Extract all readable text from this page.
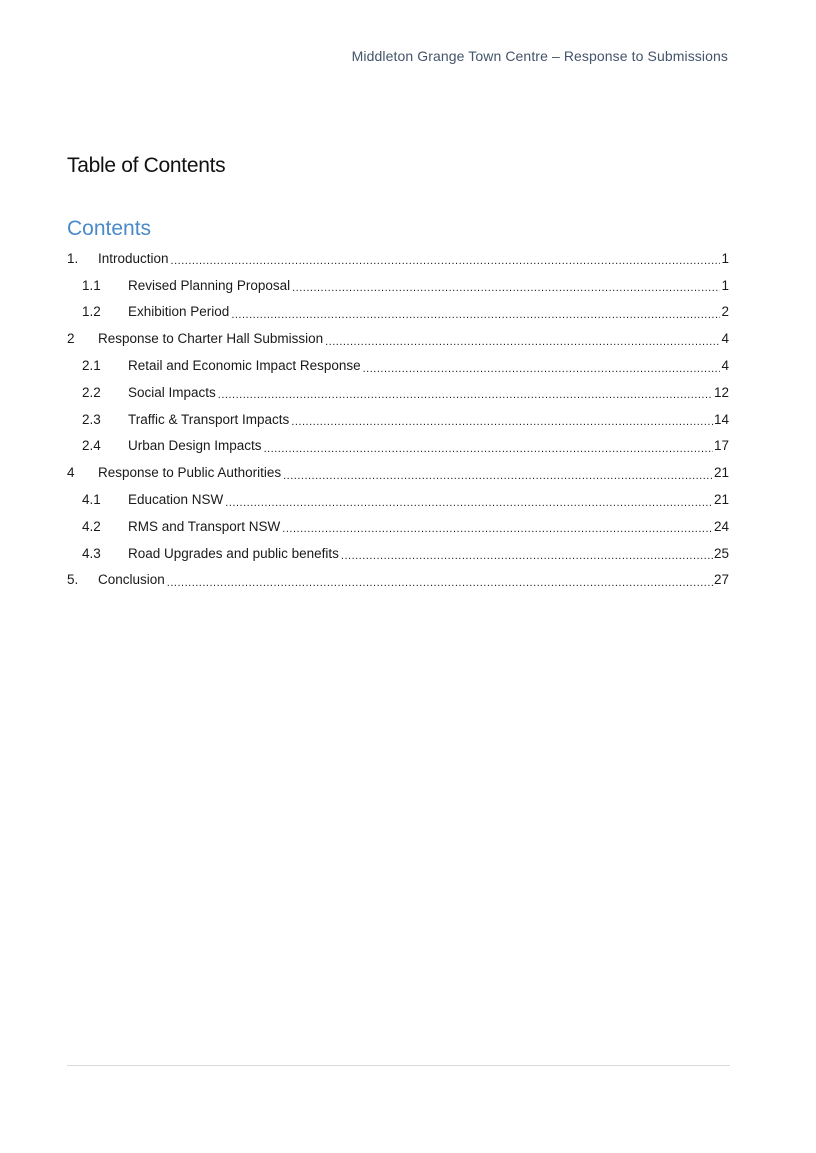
Middleton Grange Town Centre – Response to Submissions
Table of Contents
Contents
1.	Introduction .....	1
1.1	Revised Planning Proposal .....	1
1.2	Exhibition Period .....	2
2	Response to Charter Hall Submission .....	4
2.1	Retail and Economic Impact Response .....	4
2.2	Social Impacts .....	12
2.3	Traffic & Transport Impacts .....	14
2.4	Urban Design Impacts .....	17
4	Response to Public Authorities .....	21
4.1	Education NSW .....	21
4.2	RMS and Transport NSW .....	24
4.3	Road Upgrades and public benefits .....	25
5.	Conclusion .....	27
